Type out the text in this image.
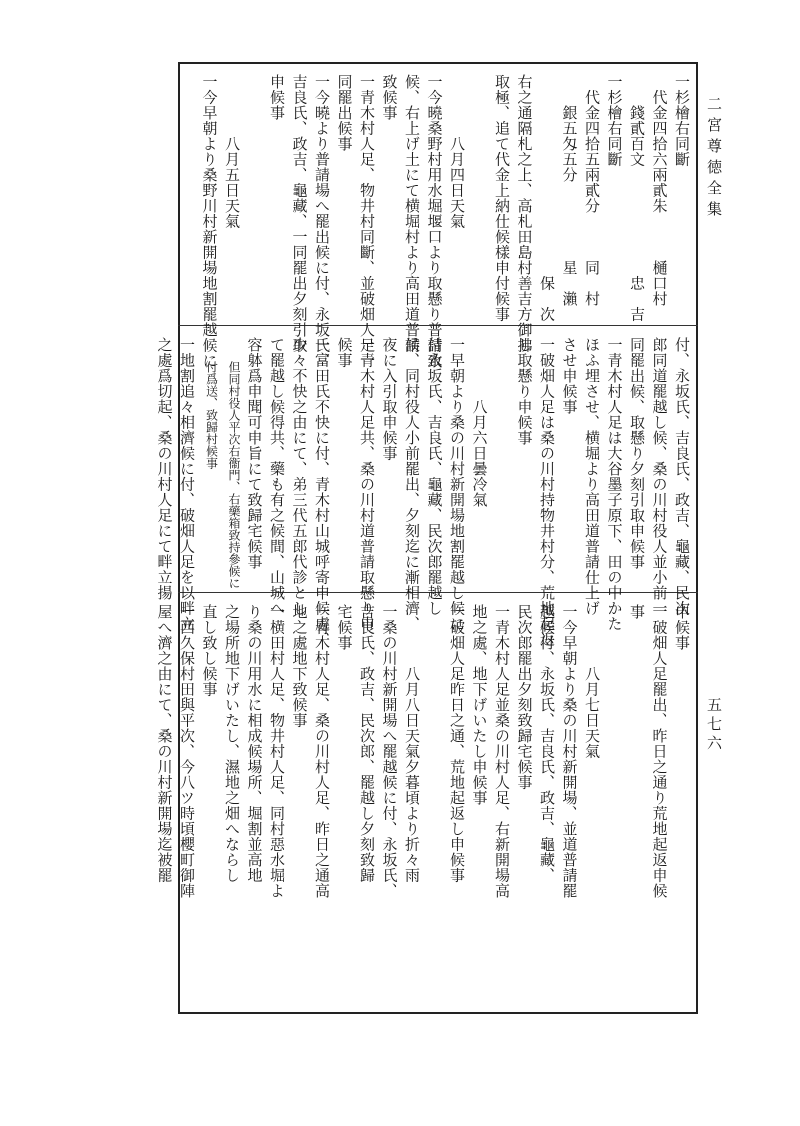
二宮尊徳全集
五七六
一杉檜右同斷
　代金四拾六兩貳朱　　　樋口村
　　錢貳百文　　　　　　　忠　吉
一杉檜右同斷
　代金四拾五兩貳分　　　同　村
　　銀五匁五分　　　　　星　瀨
　　　　　　　　　　　　　保　次
右之通隔札之上、高札田島村善吉方御拂
取極、追て代金上納仕候樣申付候事
　　　　八月四日天氣
一今曉桑野村用水堀堰口より取懸り普請致
候、右上げ土にて横堀村より高田道普請
致候事
一青木村人足、物井村同斷、並破畑人足一
同罷出候事
一今曉より普請場へ罷出候に付、永坂氏、
吉良氏、政吉、龜藏、一同罷出夕刻引取
申候事
　　　　八月五日天氣
一今早朝より桑野川村新開場地割罷越候に
付、永坂氏、吉良氏、政吉、龜藏、民次
郎同道罷越し候、桑の川村役人並小前一
同罷出候、取懸り夕刻引取申候事
一青木村人足は大谷墨子原下、田の中かた
ほふ埋させ、横堀より高田道普請仕上げ
させ申候事
一破畑人足は桑の川村持物井村分、荒地起返
し取懸り申候事
　　　　八月六日曇冷氣
一早朝より桑の川村新開場地割罷越し候に
付永坂氏、吉良氏、龜藏、民次郎罷越し
候、同村役人小前罷出、夕刻迄に漸相濟、
夜に入引取申候事
一青木村人足共、桑の川村道普請取懸り申
候事
一富田氏不快に付、青木村山城呼寄申候處、
少々不快之由にて、弟三代五郎代診とし
て罷越し候得共、藥も有之候間、山城へ
容躰爲申聞可申旨にて致歸宅候事
　　但同村役人平次右衞門、右藥箱致持參候に
　　付爲送、致歸村候事
一地割追々相濟候に付、破畑人足を以畔立
之處爲切起、桑の川村人足にて畔立揚
申候事
一破畑人足罷出、昨日之通り荒地起返申候
事
　　　　八月七日天氣
一今早朝より桑の川村新開場、並道普請罷
越候付、永坂氏、吉良氏、政吉、龜藏、
民次郎罷出夕刻致歸宅候事
一青木村人足並桑の川村人足、右新開場高
地之處、地下げいたし申候事
一破畑人足昨日之通、荒地起返し申候事
　　　　八月八日天氣夕暮頃より折々雨
一桑の川村新開場へ罷越候に付、永坂氏、
吉良氏、政吉、民次郎、罷越し夕刻致歸
宅候事
一青木村人足、桑の川村人足、昨日之通高
地之處地下致候事
一横田村人足、物井村人足、同村惡水堀よ
り桑の川用水に相成候場所、堀割並高地
之場所地下げいたし、濕地之畑へならし
直し致し候事
一西久保村田與平次、今八ツ時頃櫻町御陣
屋へ濟之由にて、桑の川村新開場迄被罷
